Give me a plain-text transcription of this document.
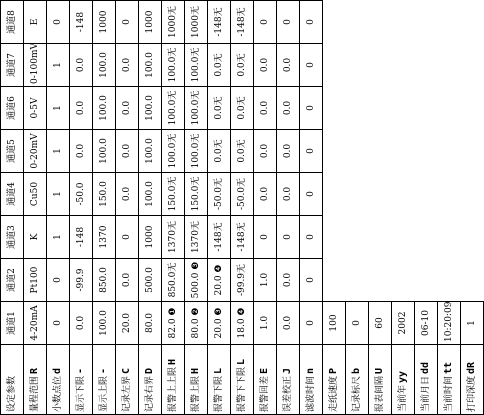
设定参数	通道1	通道2	通道3	通道4	通道5	通道6	通道7	通道8
量程范围R	4-20mA	Pt100	K	Cu50	0-20mV	0-5V	0-100mV	E
小数点位d	0	0	1	1	1	1	1	0
显示下限-	0.0	-99.9	-148	-50.0	0.0	0.0	0.0	-148
显示上限-	100.0	850.0	1370	150.0	100.0	100.0	100.0	1000
记录左界C	20.0	0.0	0	0.0	0.0	0.0	0.0	0
记录右界D	80.0	500.0	1000	100.0	100.0	100.0	100.0	1000
报警上上限H	82.0 ❶	850.0无	1370无	150.0无	100.0无	100.0无	100.0无	1000无
报警上限H	80.0 ❷	500.0 ❸	1370无	150.0无	100.0无	100.0无	100.0无	1000无
报警下限L	20.0 ❸	20.0 ❹	-148无	-50.0无	0.0无	0.0无	0.0无	-148无
报警下下限L	18.0 ❹	-99.9无	-148无	-50.0无	0.0无	0.0无	0.0无	-148无
报警回差E	1.0	1.0	0	0.0	0.0	0.0	0.0	0
误差校正J	0.0	0.0	0	0.0	0.0	0.0	0.0	0
滤波时间n	0	0	0	0	0	0	0	0
走纸速度P	100							
记录标尺b	0							
报表间隔U	60							
当前年yy	2002							
当前月日dd	06-10							
当前时间tt	10:20:09							
打印深度dR	1							
